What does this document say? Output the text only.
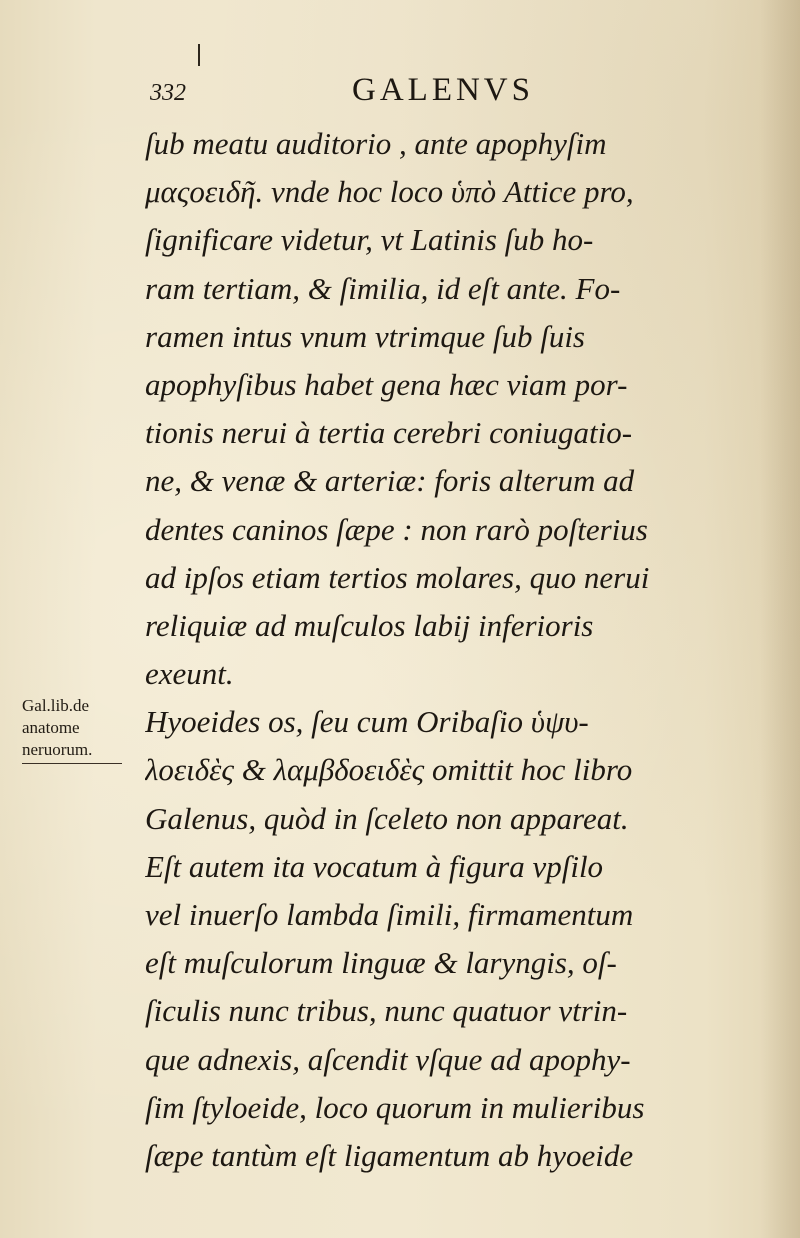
332	GALENVS
Gal.lib.de
anatome
neruorum.
ſub meatu auditorio , ante apophyſim
μαςοειδῆ. vnde hoc loco ὑπὸ Attice pro,
ſignificare videtur, vt Latinis ſub ho-
ram tertiam, & ſimilia, id eſt ante. Fo-
ramen intus vnum vtrimque ſub ſuis
apophyſibus habet gena hæc viam por-
tionis nerui à tertia cerebri coniugatio-
ne, & venæ & arteriæ: foris alterum ad
dentes caninos ſæpe : non rarò poſterius
ad ipſos etiam tertios molares, quo nerui
reliquiæ ad muſculos labij inferioris
exeunt.
Hyoeides os, ſeu cum Oribaſio ὑψυ-
λοειδὲς & λαμβδοειδὲς omittit hoc libro
Galenus, quòd in ſceleto non appareat.
Eſt autem ita vocatum à figura vpſilo
vel inuerſo lambda ſimili, firmamentum
eſt muſculorum linguæ & laryngis, oſ-
ſiculis nunc tribus, nunc quatuor vtrin-
que adnexis, aſcendit vſque ad apophy-
ſim ſtyloeide, loco quorum in mulieribus
ſæpe tantùm eſt ligamentum ab hyoeide
